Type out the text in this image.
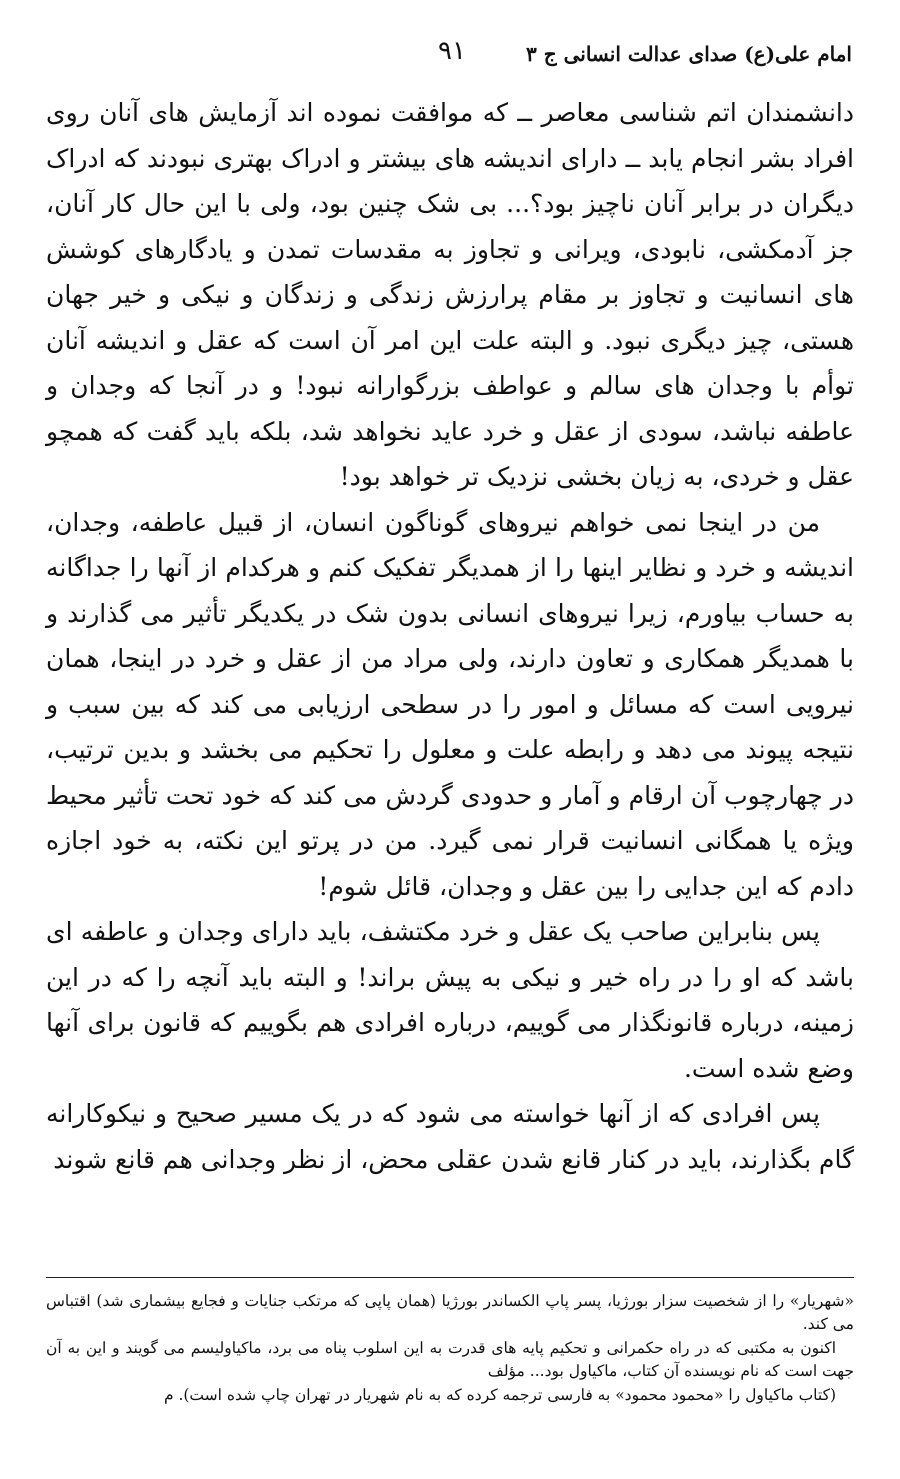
امام علی(ع) صدای عدالت انسانی ج ۳
۹۱

دانشمندان اتم شناسی معاصر ــ که موافقت نموده اند آزمایش های آنان روی افراد بشر انجام یابد ــ دارای اندیشه های بیشتر و ادراک بهتری نبودند که ادراک دیگران در برابر آنان ناچیز بود؟... بی شک چنین بود، ولی با این حال کار آنان، جز آدمکشی، نابودی، ویرانی و تجاوز به مقدسات تمدن و یادگارهای کوشش های انسانیت و تجاوز بر مقام پرارزش زندگی و زندگان و نیکی و خیر جهان هستی، چیز دیگری نبود. و البته علت این امر آن است که عقل و اندیشه آنان توأم با وجدان های سالم و عواطف بزرگوارانه نبود! و در آنجا که وجدان و عاطفه نباشد، سودی از عقل و خرد عاید نخواهد شد، بلکه باید گفت که همچو عقل و خردی، به زیان بخشی نزدیک تر خواهد بود!

من در اینجا نمی خواهم نیروهای گوناگون انسان، از قبیل عاطفه، وجدان، اندیشه و خرد و نظایر اینها را از همدیگر تفکیک کنم و هرکدام از آنها را جداگانه به حساب بیاورم، زیرا نیروهای انسانی بدون شک در یکدیگر تأثیر می گذارند و با همدیگر همکاری و تعاون دارند، ولی مراد من از عقل و خرد در اینجا، همان نیرویی است که مسائل و امور را در سطحی ارزیابی می کند که بین سبب و نتیجه پیوند می دهد و رابطه علت و معلول را تحکیم می بخشد و بدین ترتیب، در چهارچوب آن ارقام و آمار و حدودی گردش می کند که خود تحت تأثیر محیط ویژه یا همگانی انسانیت قرار نمی گیرد. من در پرتو این نکته، به خود اجازه دادم که این جدایی را بین عقل و وجدان، قائل شوم!

پس بنابراین صاحب یک عقل و خرد مکتشف، باید دارای وجدان و عاطفه ای باشد که او را در راه خیر و نیکی به پیش براند! و البته باید آنچه را که در این زمینه، درباره قانونگذار می گوییم، درباره افرادی هم بگوییم که قانون برای آنها وضع شده است.

پس افرادی که از آنها خواسته می شود که در یک مسیر صحیح و نیکوکارانه گام بگذارند، باید در کنار قانع شدن عقلی محض، از نظر وجدانی هم قانع شوند

«شهریار» را از شخصیت سزار بورژیا، پسر پاپ الکساندر بورژیا (همان پاپی که مرتکب جنایات و فجایع بیشماری شد) اقتباس می کند.

اکنون به مکتبی که در راه حکمرانی و تحکیم پایه های قدرت به این اسلوب پناه می برد، ماکیاولیسم می گویند و این به آن جهت است که نام نویسنده آن کتاب، ماکیاول بود... مؤلف

(کتاب ماکیاول را «محمود محمود» به فارسی ترجمه کرده که به نام شهریار در تهران چاپ شده است). م
